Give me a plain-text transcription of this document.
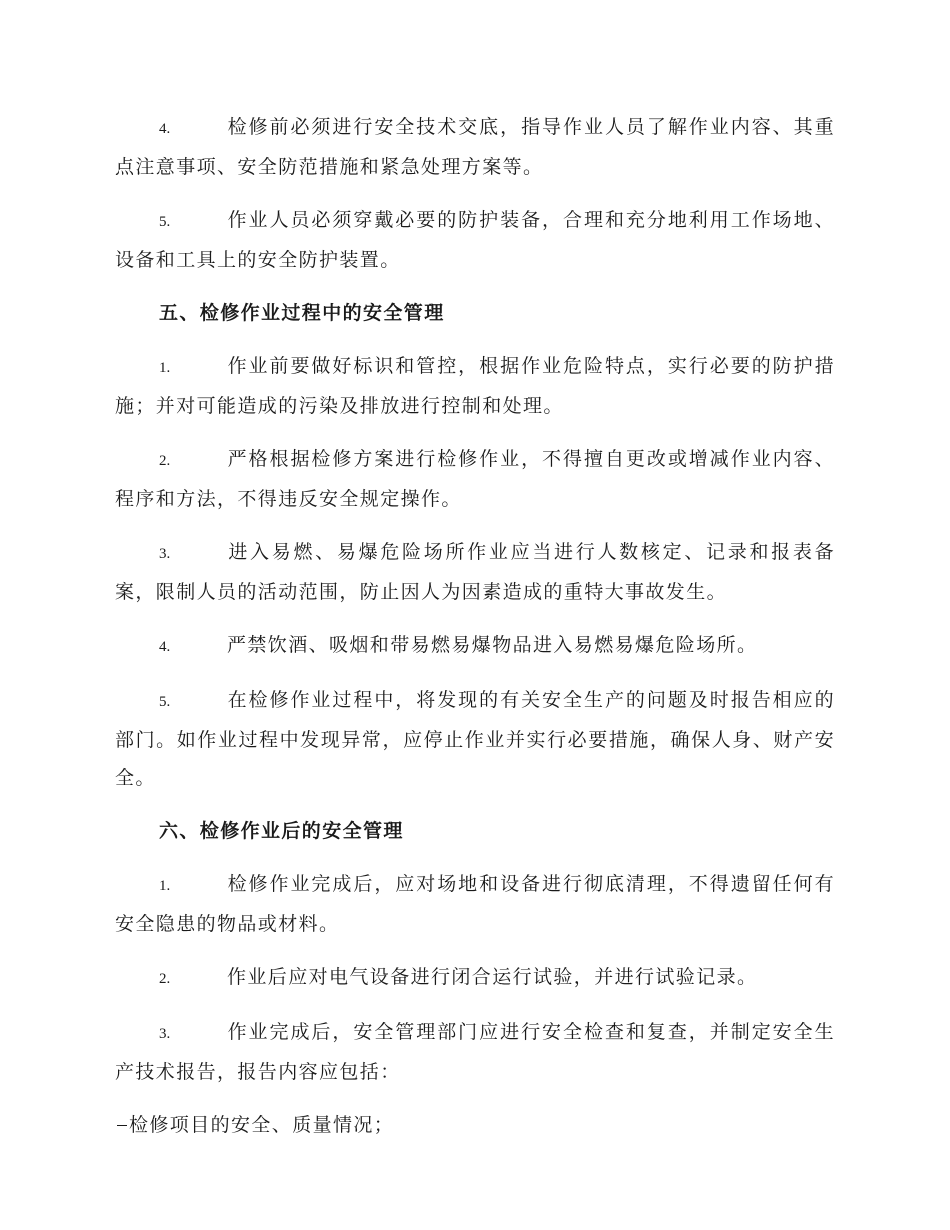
4.	检修前必须进行安全技术交底，指导作业人员了解作业内容、其重点注意事项、安全防范措施和紧急处理方案等。

5.	作业人员必须穿戴必要的防护装备，合理和充分地利用工作场地、设备和工具上的安全防护装置。

五、检修作业过程中的安全管理

1.	作业前要做好标识和管控，根据作业危险特点，实行必要的防护措施；并对可能造成的污染及排放进行控制和处理。

2.	严格根据检修方案进行检修作业，不得擅自更改或增减作业内容、程序和方法，不得违反安全规定操作。

3.	进入易燃、易爆危险场所作业应当进行人数核定、记录和报表备案，限制人员的活动范围，防止因人为因素造成的重特大事故发生。

4.	严禁饮酒、吸烟和带易燃易爆物品进入易燃易爆危险场所。

5.	在检修作业过程中，将发现的有关安全生产的问题及时报告相应的部门。如作业过程中发现异常，应停止作业并实行必要措施，确保人身、财产安全。

六、检修作业后的安全管理

1.	检修作业完成后，应对场地和设备进行彻底清理，不得遗留任何有安全隐患的物品或材料。

2.	作业后应对电气设备进行闭合运行试验，并进行试验记录。

3.	作业完成后，安全管理部门应进行安全检查和复查，并制定安全生产技术报告，报告内容应包括：

检修项目的安全、质量情况；
